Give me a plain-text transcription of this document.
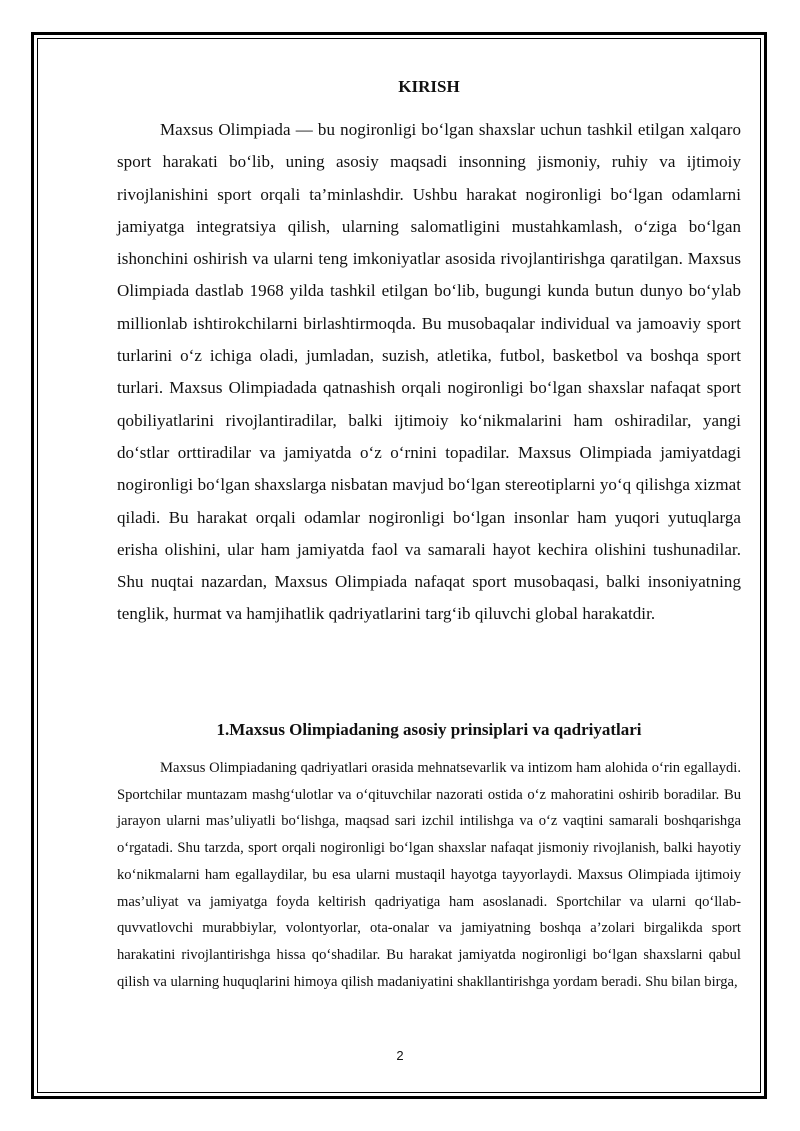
KIRISH

Maxsus Olimpiada — bu nogironligi bo‘lgan shaxslar uchun tashkil etilgan xalqaro sport harakati bo‘lib, uning asosiy maqsadi insonning jismoniy, ruhiy va ijtimoiy rivojlanishini sport orqali ta’minlashdir. Ushbu harakat nogironligi bo‘lgan odamlarni jamiyatga integratsiya qilish, ularning salomatligini mustahkamlash, o‘ziga bo‘lgan ishonchini oshirish va ularni teng imkoniyatlar asosida rivojlantirishga qaratilgan. Maxsus Olimpiada dastlab 1968 yilda tashkil etilgan bo‘lib, bugungi kunda butun dunyo bo‘ylab millionlab ishtirokchilarni birlashtirmoqda. Bu musobaqalar individual va jamoaviy sport turlarini o‘z ichiga oladi, jumladan, suzish, atletika, futbol, basketbol va boshqa sport turlari. Maxsus Olimpiadada qatnashish orqali nogironligi bo‘lgan shaxslar nafaqat sport qobiliyatlarini rivojlantiradilar, balki ijtimoiy ko‘nikmalarini ham oshiradilar, yangi do‘stlar orttiradilar va jamiyatda o‘z o‘rnini topadilar. Maxsus Olimpiada jamiyatdagi nogironligi bo‘lgan shaxslarga nisbatan mavjud bo‘lgan stereotiplarni yo‘q qilishga xizmat qiladi. Bu harakat orqali odamlar nogironligi bo‘lgan insonlar ham yuqori yutuqlarga erisha olishini, ular ham jamiyatda faol va samarali hayot kechira olishini tushunadilar. Shu nuqtai nazardan, Maxsus Olimpiada nafaqat sport musobaqasi, balki insoniyatning tenglik, hurmat va hamjihatlik qadriyatlarini targ‘ib qiluvchi global harakatdir.

1.Maxsus Olimpiadaning asosiy prinsiplari va qadriyatlari

Maxsus Olimpiadaning qadriyatlari orasida mehnatsevarlik va intizom ham alohida o‘rin egallaydi. Sportchilar muntazam mashg‘ulotlar va o‘qituvchilar nazorati ostida o‘z mahoratini oshirib boradilar. Bu jarayon ularni mas’uliyatli bo‘lishga, maqsad sari izchil intilishga va o‘z vaqtini samarali boshqarishga o‘rgatadi. Shu tarzda, sport orqali nogironligi bo‘lgan shaxslar nafaqat jismoniy rivojlanish, balki hayotiy ko‘nikmalarni ham egallaydilar, bu esa ularni mustaqil hayotga tayyorlaydi. Maxsus Olimpiada ijtimoiy mas’uliyat va jamiyatga foyda keltirish qadriyatiga ham asoslanadi. Sportchilar va ularni qo‘llab-quvvatlovchi murabbiylar, volontyorlar, ota-onalar va jamiyatning boshqa a’zolari birgalikda sport harakatini rivojlantirishga hissa qo‘shadilar. Bu harakat jamiyatda nogironligi bo‘lgan shaxslarni qabul qilish va ularning huquqlarini himoya qilish madaniyatini shakllantirishga yordam beradi. Shu bilan birga,

2
